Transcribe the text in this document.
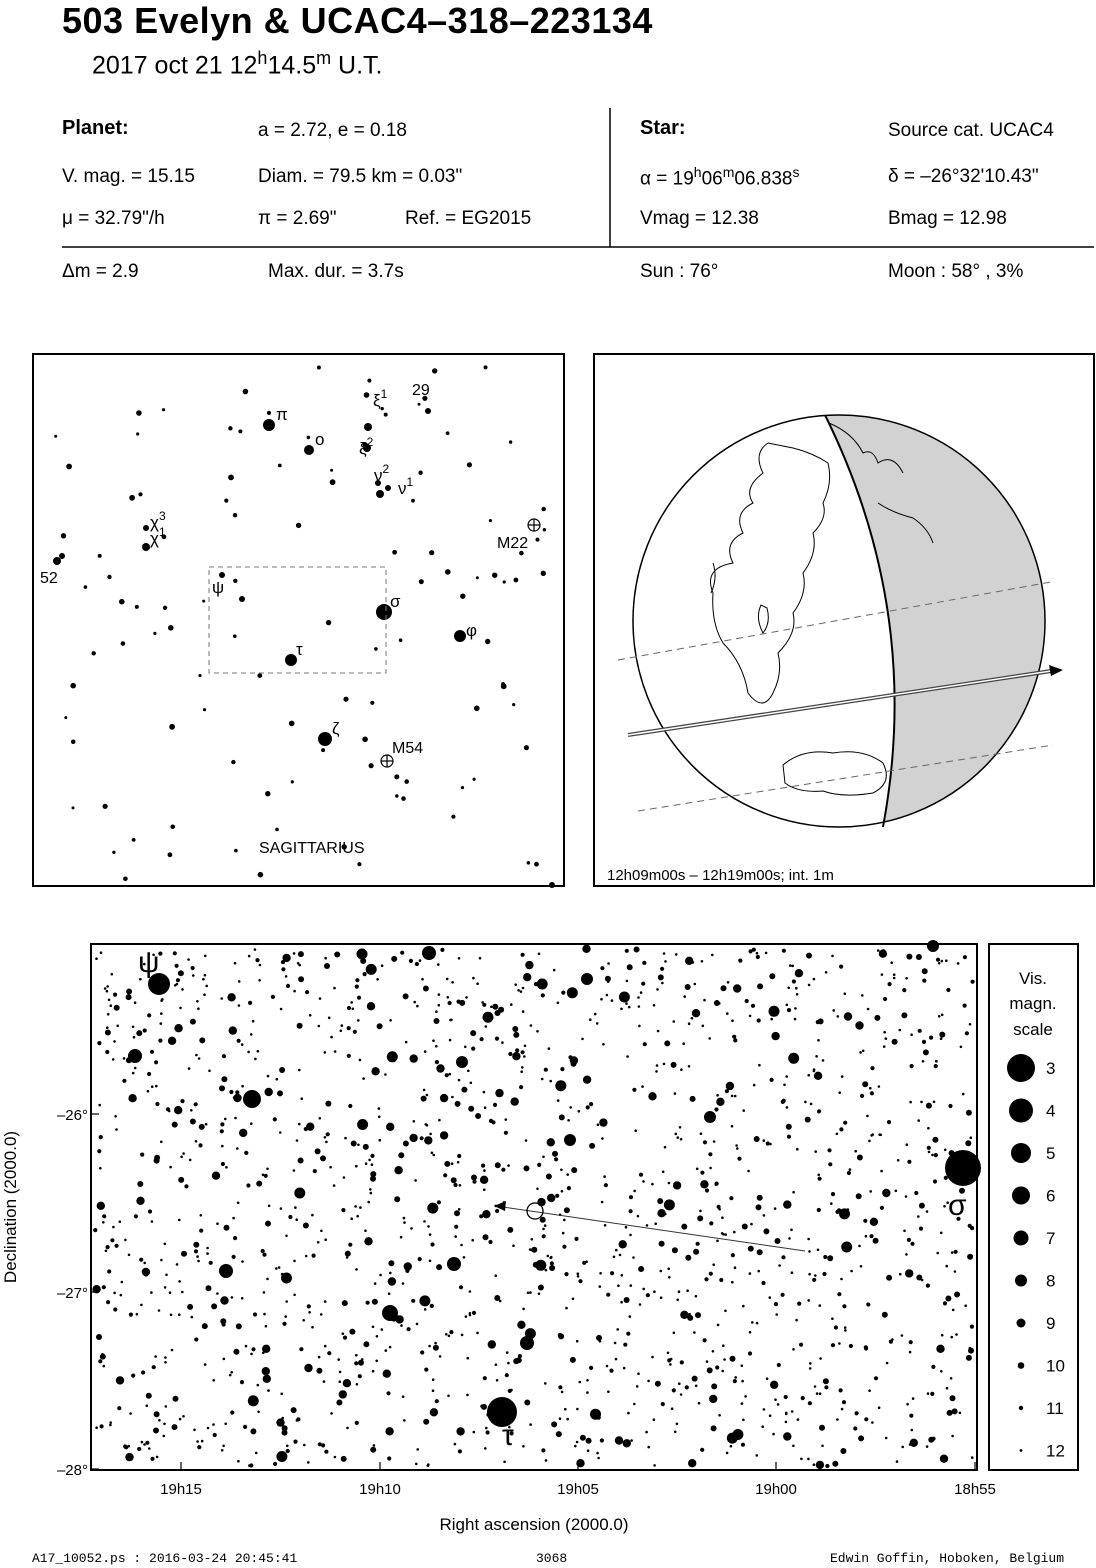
503 Evelyn & UCAC4–318–223134
2017 oct 21 12$^h$14.5$^m$ U.T.
Planet:	a = 2.72, e = 0.18
V. mag. = 15.15	Diam. = 79.5 km = 0.03"
μ = 32.79"/h	π = 2.69"	Ref. = EG2015
Star:	Source cat. UCAC4
$\alpha = 19^h06^m06.838^s$	δ = –26°32'10.43"
Vmag = 12.38	Bmag = 12.98
Δm = 2.9	Max. dur. = 3.7s	Sun : 76°	Moon : 58° , 3%
π
o
$\xi^1$
$\xi^2$
$\nu^2$
$\nu^1$
$\chi^3$
$\chi^1$
ψ
σ
τ
φ
ζ
29
52
M22
M54
SAGITTARIUS
12h09m00s – 12h19m00s; int. 1m
ψ
σ
τ
–26°
–27°
–28°
19h15	19h10	19h05	19h00	18h55
Right ascension (2000.0)
Declination (2000.0)
Vis.
magn.
scale
3
4
5
6
7
8
9
10
11
12
A17_10052.ps : 2016-03-24 20:45:41	3068	Edwin Goffin, Hoboken, Belgium
